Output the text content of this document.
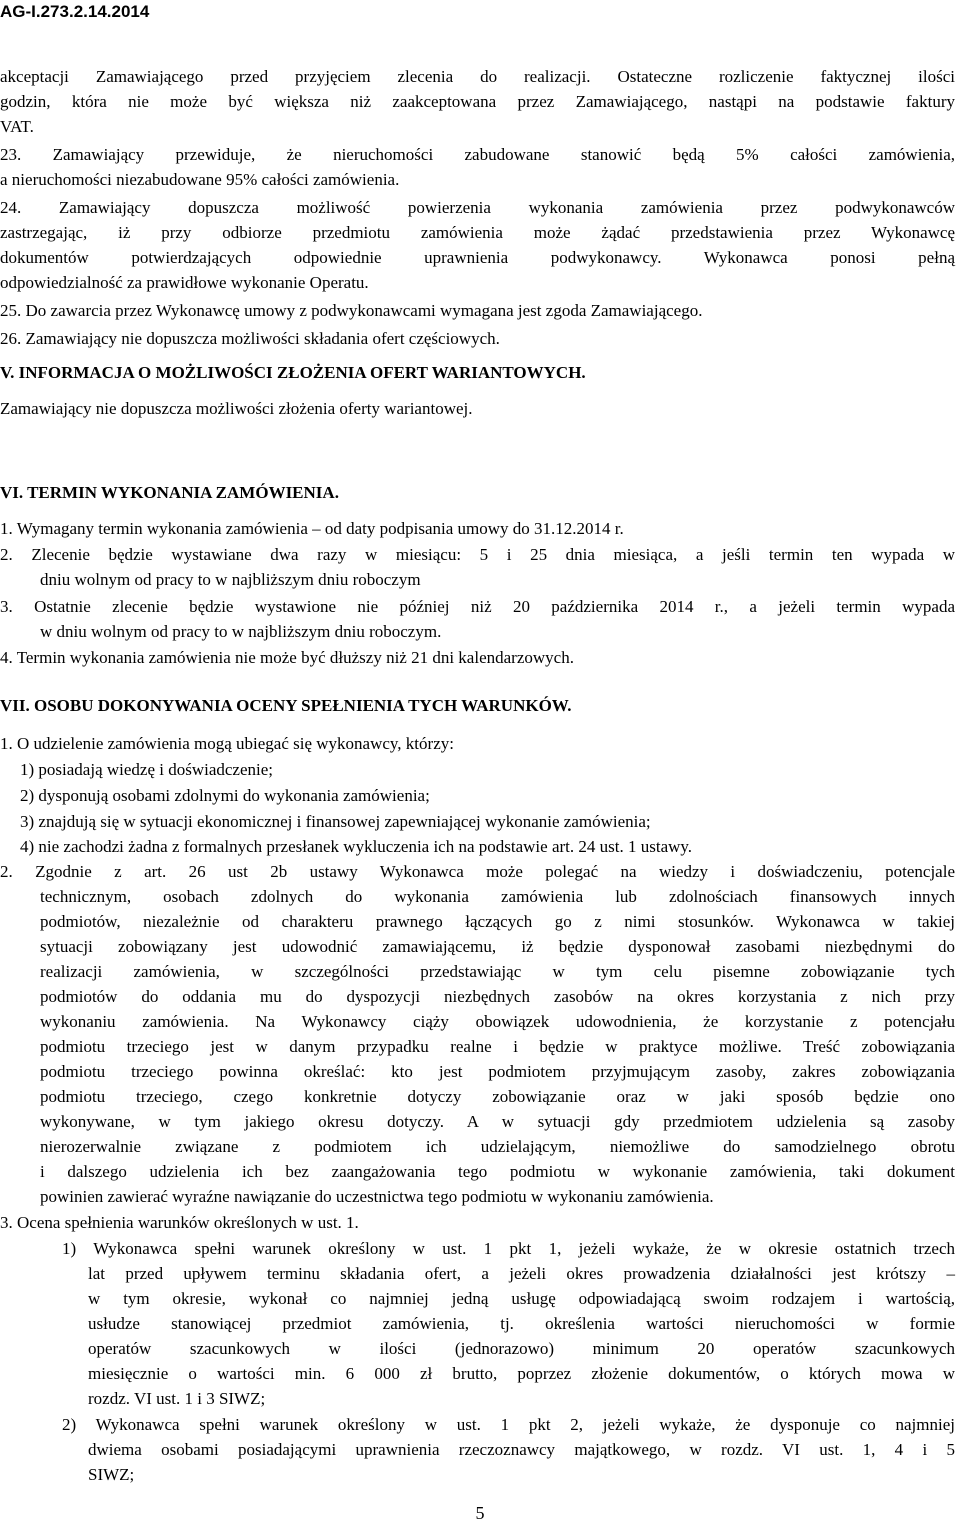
AG-I.273.2.14.2014
akceptacji Zamawiającego przed przyjęciem zlecenia do realizacji. Ostateczne rozliczenie faktycznej ilości
godzin, która nie może być większa niż zaakceptowana przez Zamawiającego, nastąpi na podstawie faktury
VAT.
23. Zamawiający przewiduje, że nieruchomości zabudowane stanowić będą 5% całości zamówienia,
a nieruchomości niezabudowane 95% całości zamówienia.
24. Zamawiający dopuszcza możliwość powierzenia wykonania zamówienia przez podwykonawców
zastrzegając, iż przy odbiorze przedmiotu zamówienia może żądać przedstawienia przez Wykonawcę
dokumentów potwierdzających odpowiednie uprawnienia podwykonawcy. Wykonawca ponosi pełną
odpowiedzialność za prawidłowe wykonanie Operatu.
25. Do zawarcia przez Wykonawcę umowy z podwykonawcami wymagana jest zgoda Zamawiającego.
26. Zamawiający nie dopuszcza możliwości składania ofert częściowych.
V. INFORMACJA O MOŻLIWOŚCI ZŁOŻENIA OFERT WARIANTOWYCH.
Zamawiający nie dopuszcza możliwości złożenia oferty wariantowej.
VI. TERMIN WYKONANIA ZAMÓWIENIA.
1. Wymagany termin wykonania zamówienia – od daty podpisania umowy do 31.12.2014 r.
2. Zlecenie będzie wystawiane dwa razy w miesiącu: 5 i 25 dnia miesiąca, a jeśli termin ten wypada w
dniu wolnym od pracy to w najbliższym dniu roboczym
3. Ostatnie zlecenie będzie wystawione nie później niż 20 października 2014 r., a jeżeli termin wypada
w dniu wolnym od pracy to w najbliższym dniu roboczym.
4. Termin wykonania zamówienia nie może być dłuższy niż 21 dni kalendarzowych.
VII. OSOBU DOKONYWANIA OCENY SPEŁNIENIA TYCH WARUNKÓW.
1. O udzielenie zamówienia mogą ubiegać się wykonawcy, którzy:
1) posiadają wiedzę i doświadczenie;
2) dysponują osobami zdolnymi do wykonania zamówienia;
3) znajdują się w sytuacji ekonomicznej i finansowej zapewniającej wykonanie zamówienia;
4) nie zachodzi żadna z formalnych przesłanek wykluczenia ich na podstawie art. 24 ust. 1 ustawy.
2. Zgodnie z art. 26 ust 2b ustawy Wykonawca może polegać na wiedzy i doświadczeniu, potencjale
technicznym, osobach zdolnych do wykonania zamówienia lub zdolnościach finansowych innych
podmiotów, niezależnie od charakteru prawnego łączących go z nimi stosunków. Wykonawca w takiej
sytuacji zobowiązany jest udowodnić zamawiającemu, iż będzie dysponował zasobami niezbędnymi do
realizacji zamówienia, w szczególności przedstawiając w tym celu pisemne zobowiązanie tych
podmiotów do oddania mu do dyspozycji niezbędnych zasobów na okres korzystania z nich przy
wykonaniu zamówienia. Na Wykonawcy ciąży obowiązek udowodnienia, że korzystanie z potencjału
podmiotu trzeciego jest w danym przypadku realne i będzie w praktyce możliwe. Treść zobowiązania
podmiotu trzeciego powinna określać: kto jest podmiotem przyjmującym zasoby, zakres zobowiązania
podmiotu trzeciego, czego konkretnie dotyczy zobowiązanie oraz w jaki sposób będzie ono
wykonywane, w tym jakiego okresu dotyczy. A w sytuacji gdy przedmiotem udzielenia są zasoby
nierozerwalnie związane z podmiotem ich udzielającym, niemożliwe do samodzielnego obrotu
i dalszego udzielenia ich bez zaangażowania tego podmiotu w wykonanie zamówienia, taki dokument
powinien zawierać wyraźne nawiązanie do uczestnictwa tego podmiotu w wykonaniu zamówienia.
3. Ocena spełnienia warunków określonych w ust. 1.
1) Wykonawca spełni warunek określony w ust. 1 pkt 1, jeżeli wykaże, że w okresie ostatnich trzech
lat przed upływem terminu składania ofert, a jeżeli okres prowadzenia działalności jest krótszy –
w tym okresie, wykonał co najmniej jedną usługę odpowiadającą swoim rodzajem i wartością,
usłudze stanowiącej przedmiot zamówienia, tj. określenia wartości nieruchomości w formie
operatów szacunkowych w ilości (jednorazowo) minimum 20 operatów szacunkowych
miesięcznie o wartości min. 6 000 zł brutto, poprzez złożenie dokumentów, o których mowa w
rozdz. VI ust. 1 i 3 SIWZ;
2) Wykonawca spełni warunek określony w ust. 1 pkt 2, jeżeli wykaże, że dysponuje co najmniej
dwiema osobami posiadającymi uprawnienia rzeczoznawcy majątkowego, w rozdz. VI ust. 1, 4 i 5
SIWZ;
5
